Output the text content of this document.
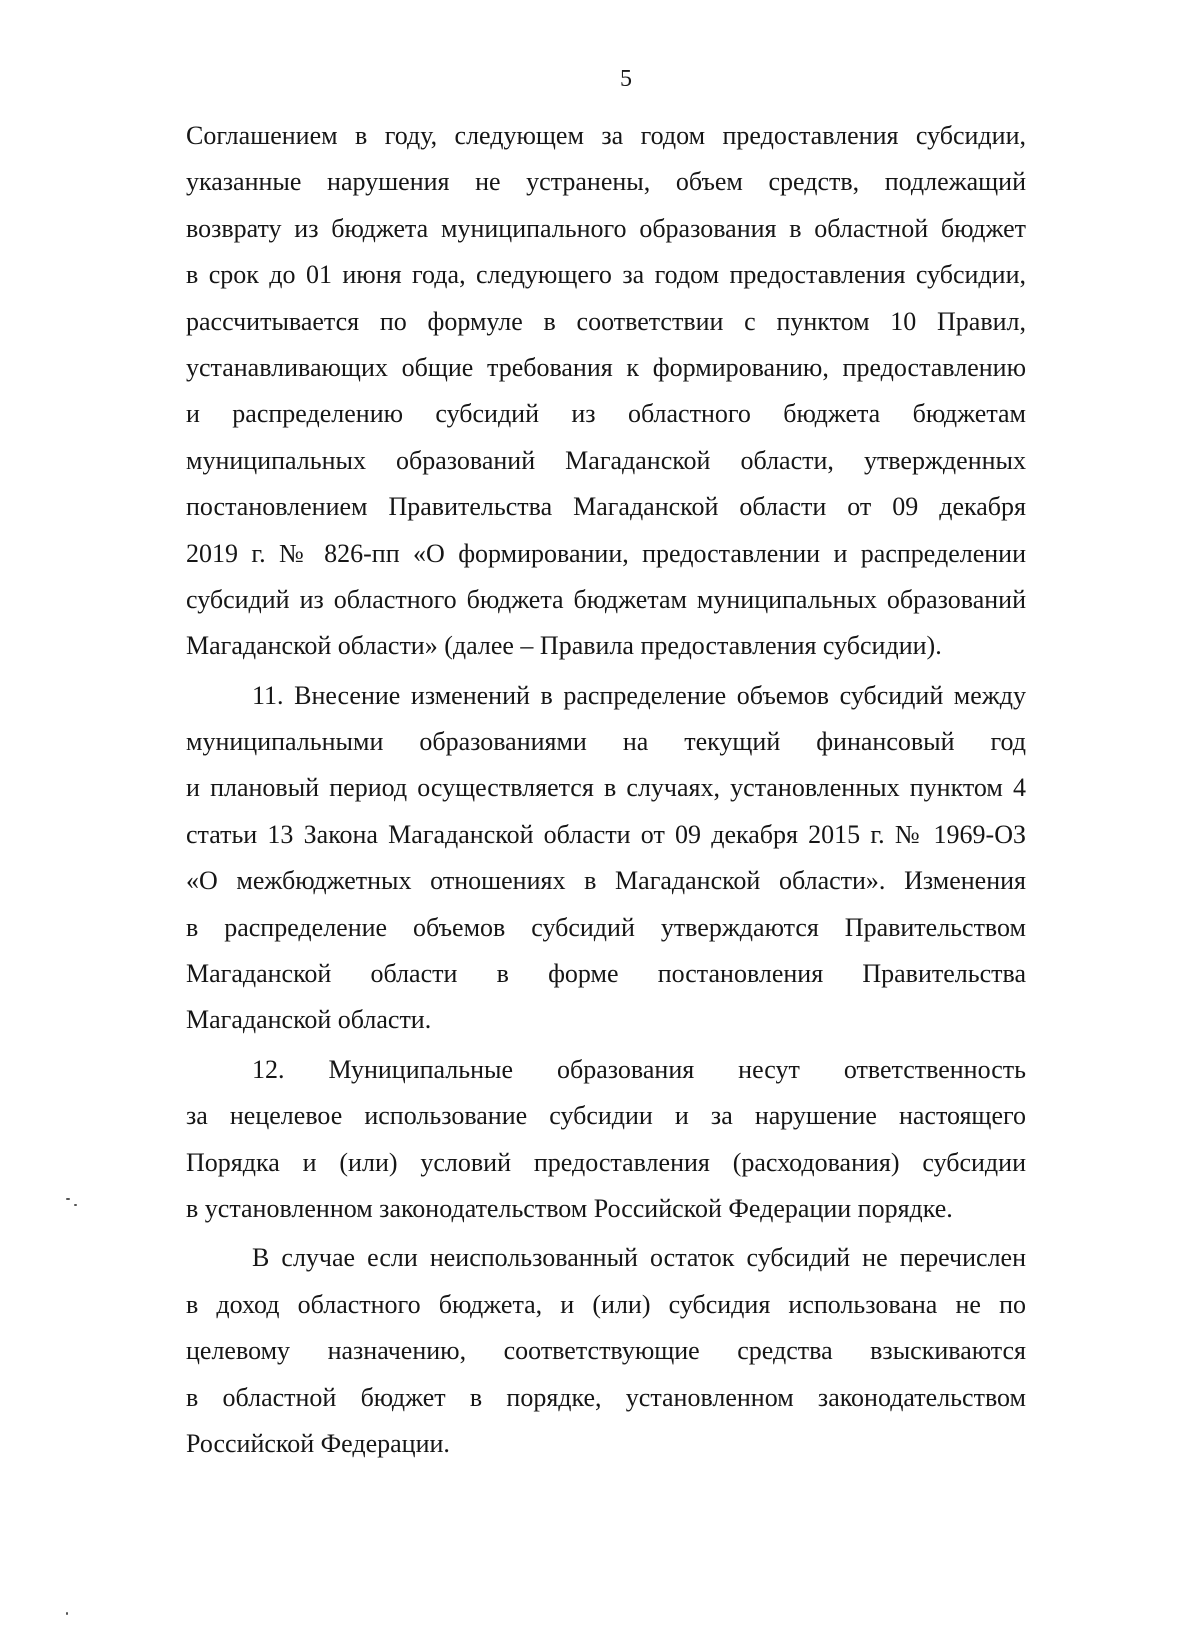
5
Соглашением в году, следующем за годом предоставления субсидии,
указанные нарушения не устранены, объем средств, подлежащий
возврату из бюджета муниципального образования в областной бюджет
в срок до 01 июня года, следующего за годом предоставления субсидии,
рассчитывается по формуле в соответствии с пунктом 10 Правил,
устанавливающих общие требования к формированию, предоставлению
и распределению субсидий из областного бюджета бюджетам
муниципальных образований Магаданской области, утвержденных
постановлением Правительства Магаданской области от 09 декабря
2019 г. № 826-пп «О формировании, предоставлении и распределении
субсидий из областного бюджета бюджетам муниципальных образований
Магаданской области» (далее – Правила предоставления субсидии).
11. Внесение изменений в распределение объемов субсидий между
муниципальными образованиями на текущий финансовый год
и плановый период осуществляется в случаях, установленных пунктом 4
статьи 13 Закона Магаданской области от 09 декабря 2015 г. № 1969-ОЗ
«О межбюджетных отношениях в Магаданской области». Изменения
в распределение объемов субсидий утверждаются Правительством
Магаданской области в форме постановления Правительства
Магаданской области.
12. Муниципальные образования несут ответственность
за нецелевое использование субсидии и за нарушение настоящего
Порядка и (или) условий предоставления (расходования) субсидии
в установленном законодательством Российской Федерации порядке.
В случае если неиспользованный остаток субсидий не перечислен
в доход областного бюджета, и (или) субсидия использована не по
целевому назначению, соответствующие средства взыскиваются
в областной бюджет в порядке, установленном законодательством
Российской Федерации.
